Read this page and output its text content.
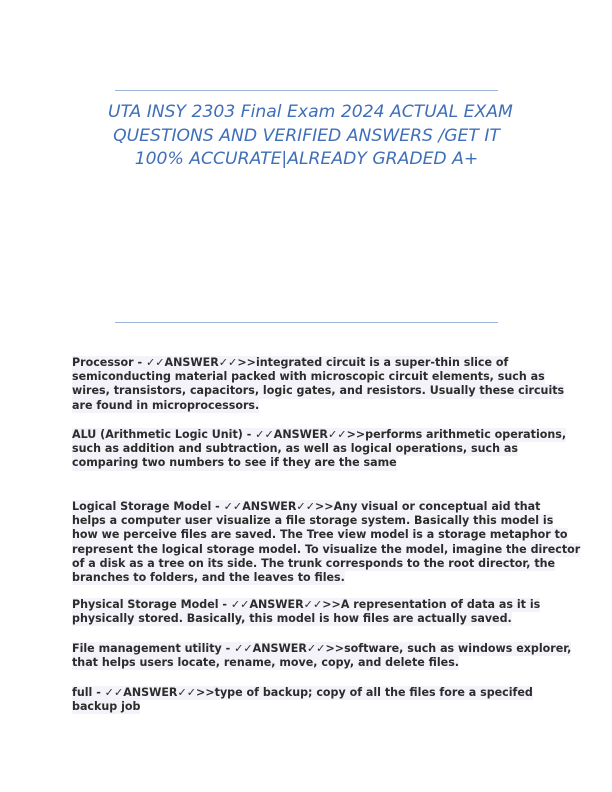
UTA INSY 2303 Final Exam 2024 ACTUAL EXAM
QUESTIONS AND VERIFIED ANSWERS /GET IT
100% ACCURATE|ALREADY GRADED A+
Processor - ✓✓ANSWER✓✓>>integrated circuit is a super-thin slice of
semiconducting material packed with microscopic circuit elements, such as
wires, transistors, capacitors, logic gates, and resistors. Usually these circuits
are found in microprocessors.
ALU (Arithmetic Logic Unit) - ✓✓ANSWER✓✓>>performs arithmetic operations,
such as addition and subtraction, as well as logical operations, such as
comparing two numbers to see if they are the same
Logical Storage Model - ✓✓ANSWER✓✓>>Any visual or conceptual aid that
helps a computer user visualize a file storage system. Basically this model is
how we perceive files are saved. The Tree view model is a storage metaphor to
represent the logical storage model. To visualize the model, imagine the director
of a disk as a tree on its side. The trunk corresponds to the root director, the
branches to folders, and the leaves to files.
Physical Storage Model - ✓✓ANSWER✓✓>>A representation of data as it is
physically stored. Basically, this model is how files are actually saved.
File management utility - ✓✓ANSWER✓✓>>software, such as windows explorer,
that helps users locate, rename, move, copy, and delete files.
full - ✓✓ANSWER✓✓>>type of backup; copy of all the files fore a specifed
backup job
